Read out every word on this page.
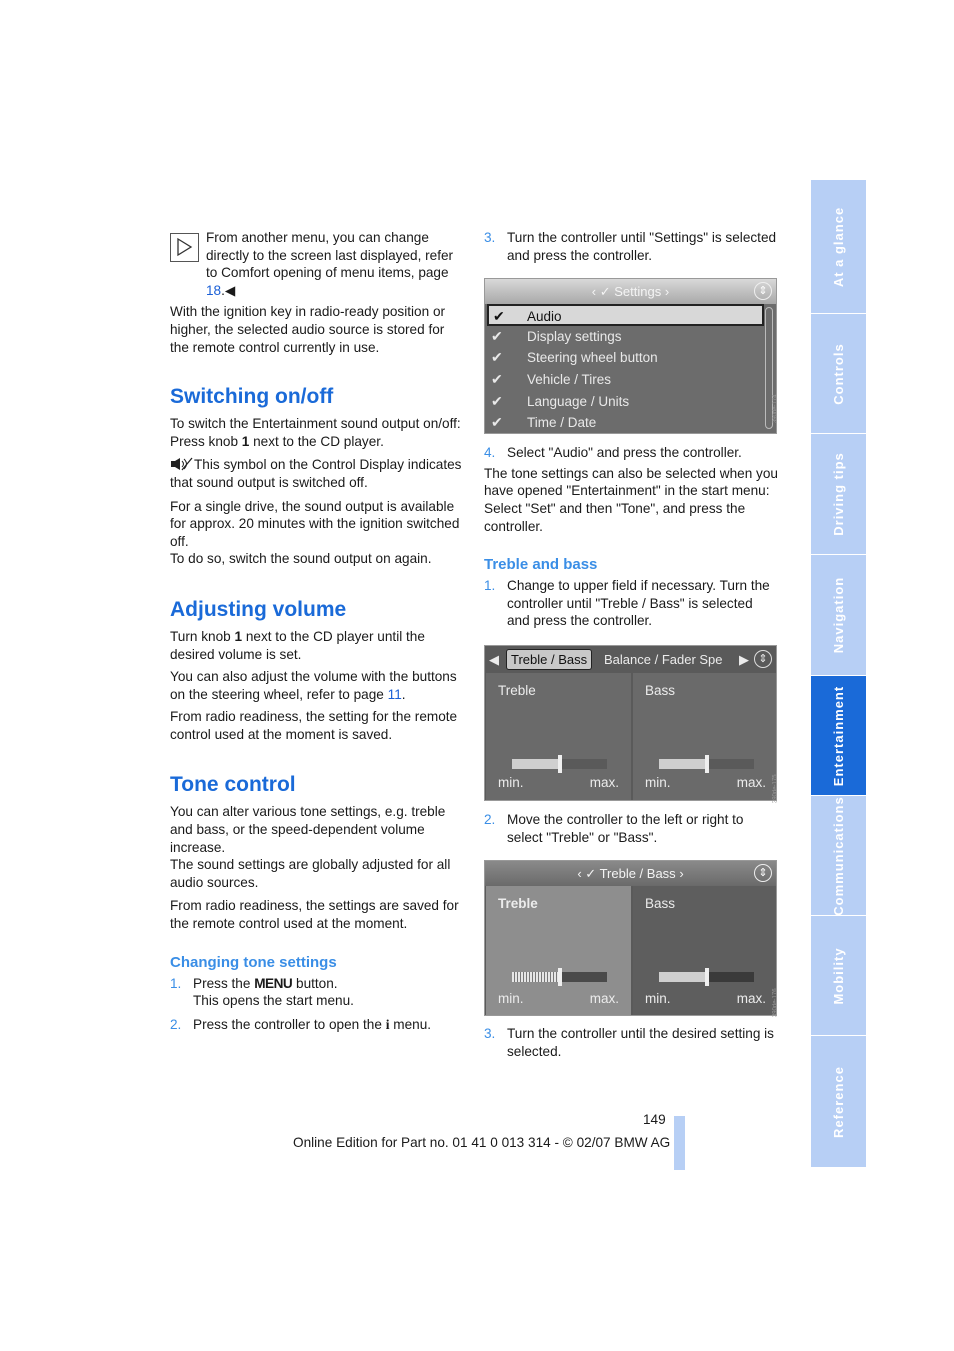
From another menu, you can change directly to the screen last displayed, refer to Comfort opening of menu items, page 18.◀

With the ignition key in radio-ready position or higher, the selected audio source is stored for the remote control currently in use.

Switching on/off

To switch the Entertainment sound output on/off:

Press knob 1 next to the CD player.

This symbol on the Control Display indicates that sound output is switched off.

For a single drive, the sound output is available for approx. 20 minutes with the ignition switched off.

To do so, switch the sound output on again.

Adjusting volume

Turn knob 1 next to the CD player until the desired volume is set.

You can also adjust the volume with the buttons on the steering wheel, refer to page 11.

From radio readiness, the setting for the remote control used at the moment is saved.

Tone control

You can alter various tone settings, e.g. treble and bass, or the speed-dependent volume increase.

The sound settings are globally adjusted for all audio sources.

From radio readiness, the settings are saved for the remote control used at the moment.

Changing tone settings
1. Press the MENU button.
This opens the start menu.
2. Press the controller to open the i menu.
3. Turn the controller until "Settings" is selected and press the controller.
‹ ✓ Settings ›	⇕
✔ Audio
✔ Display settings
✔ Steering wheel button
✔ Vehicle / Tires
✔ Language / Units
✔ Time / Date
4. Select "Audio" and press the controller.

The tone settings can also be selected when you have opened "Entertainment" in the start menu:

Select "Set" and then "Tone", and press the controller.

Treble and bass
1. Change to upper field if necessary. Turn the controller until "Treble / Bass" is selected and press the controller.
◀ Treble / Bass	Balance / Fader Spe ▶ ⇕
Treble
min.	max.
Bass
min.	max.
2. Move the controller to the left or right to select "Treble" or "Bass".
‹ ✓ Treble / Bass ›	⇕
Treble
min.	max.
Bass
min.	max.
3. Turn the controller until the desired setting is selected.
390de-174
390de-175
390de-176
149
Online Edition for Part no. 01 41 0 013 314 - © 02/07 BMW AG
At a glance
Controls
Driving tips
Navigation
Entertainment
Communications
Mobility
Reference
